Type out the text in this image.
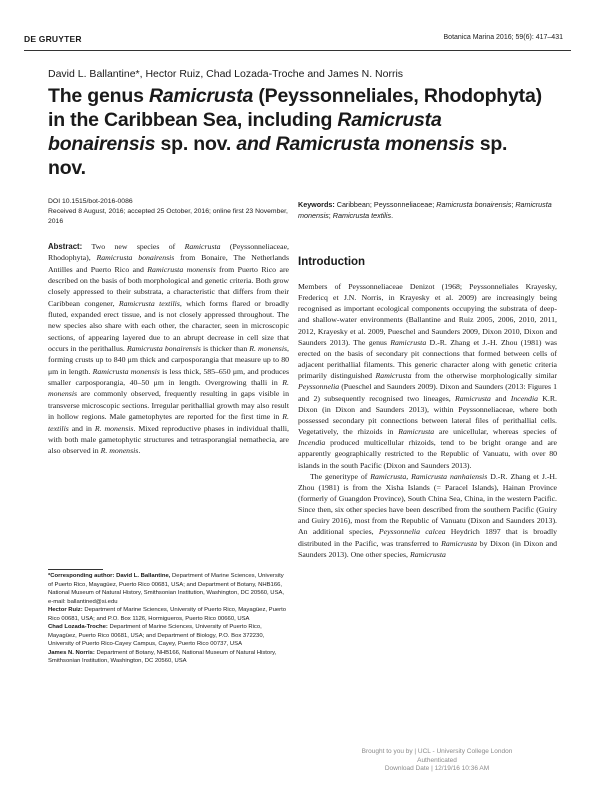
DE GRUYTER	Botanica Marina 2016; 59(6): 417–431
David L. Ballantine*, Hector Ruiz, Chad Lozada-Troche and James N. Norris
The genus Ramicrusta (Peyssonneliales, Rhodophyta) in the Caribbean Sea, including Ramicrusta bonairensis sp. nov. and Ramicrusta monensis sp. nov.
DOI 10.1515/bot-2016-0086
Received 8 August, 2016; accepted 25 October, 2016; online first 23 November, 2016
Keywords: Caribbean; Peyssonneliaceae; Ramicrusta bonairensis; Ramicrusta monensis; Ramicrusta textilis.
Abstract: Two new species of Ramicrusta (Peyssonneliaceae, Rhodophyta), Ramicrusta bonairensis from Bonaire, The Netherlands Antilles and Puerto Rico and Ramicrusta monensis from Puerto Rico are described on the basis of both morphological and genetic criteria. Both grow closely appressed to their substrata, a characteristic that differs from their Caribbean congener, Ramicrusta textilis, which forms flared or broadly fluted, expanded erect tissue, and is not closely appressed throughout. The new species also share with each other, the character, seen in microscopic sections, of appearing layered due to an abrupt decrease in cell size that occurs in the perithallus. Ramicrusta bonairensis is thicker than R. monensis, forming crusts up to 840 μm thick and carposporangia that measure up to 80 μm in length. Ramicrusta monensis is less thick, 585–650 μm, and produces smaller carposporangia, 40–50 μm in length. Overgrowing thalli in R. monensis are commonly observed, frequently resulting in gaps visible in transverse microscopic sections. Irregular perithallial growth may also result in hollow regions. Male gametophytes are reported for the first time in R. textilis and in R. monensis. Mixed reproductive phases in individual thalli, with both male gametophytic structures and tetrasporangial nemathecia, are also observed in R. monensis.
Introduction

Members of Peyssonneliaceae Denizot (1968; Peyssonneliales Krayesky, Fredericq et J.N. Norris, in Krayesky et al. 2009) are increasingly being recognised as important ecological components occupying the substrata of deep- and shallow-water environments (Ballantine and Ruiz 2005, 2006, 2010, 2011, 2012, Krayesky et al. 2009, Pueschel and Saunders 2009, Dixon 2010, Dixon and Saunders 2013). The genus Ramicrusta D.-R. Zhang et J.-H. Zhou (1981) was erected on the basis of secondary pit connections that formed between cells of adjacent perithallial filaments. This generic character along with genetic criteria primarily distinguished Ramicrusta from the otherwise morphologically similar Peyssonnelia (Pueschel and Saunders 2009). Dixon and Saunders (2013: Figures 1 and 2) subsequently recognised two lineages, Ramicrusta and Incendia K.R. Dixon (in Dixon and Saunders 2013), within Peyssonneliaceae, where both possessed secondary pit connections between lateral files of perithallial cells. Vegetatively, the rhizoids in Ramicrusta are unicellular, whereas species of Incendia produced multicellular rhizoids, tend to be bright orange and are apparently geographically restricted to the Republic of Vanuatu, with over 80 islands in the south Pacific (Dixon and Saunders 2013).

The generitype of Ramicrusta, Ramicrusta nanhaiensis D.-R. Zhang et J.-H. Zhou (1981) is from the Xisha Islands (= Paracel Islands), Hainan Province (formerly of Guangdon Province), South China Sea, China, in the western Pacific. Since then, six other species have been described from the southern Pacific (Guiry and Guiry 2016), most from the Republic of Vanuatu (Dixon and Saunders 2013). An additional species, Peyssonnelia calcea Heydrich 1897 that is broadly distributed in the Pacific, was transferred to Ramicrusta by Dixon (in Dixon and Saunders 2013). One other species, Ramicrusta

*Corresponding author: David L. Ballantine, Department of Marine Sciences, University of Puerto Rico, Mayagüez, Puerto Rico 00681, USA; and Department of Botany, NHB166, National Museum of Natural History, Smithsonian Institution, Washington, DC 20560, USA, e-mail: ballantined@si.edu

Hector Ruiz: Department of Marine Sciences, University of Puerto Rico, Mayagüez, Puerto Rico 00681, USA; and P.O. Box 1126, Hormigueros, Puerto Rico 00660, USA

Chad Lozada-Troche: Department of Marine Sciences, University of Puerto Rico, Mayagüez, Puerto Rico 00681, USA; and Department of Biology, P.O. Box 372230, University of Puerto Rico-Cayey Campus, Cayey, Puerto Rico 00737, USA

James N. Norris: Department of Botany, NHB166, National Museum of Natural History, Smithsonian Institution, Washington, DC 20560, USA

Brought to you by | UCL - University College London
Authenticated
Download Date | 12/19/16 10:36 AM
